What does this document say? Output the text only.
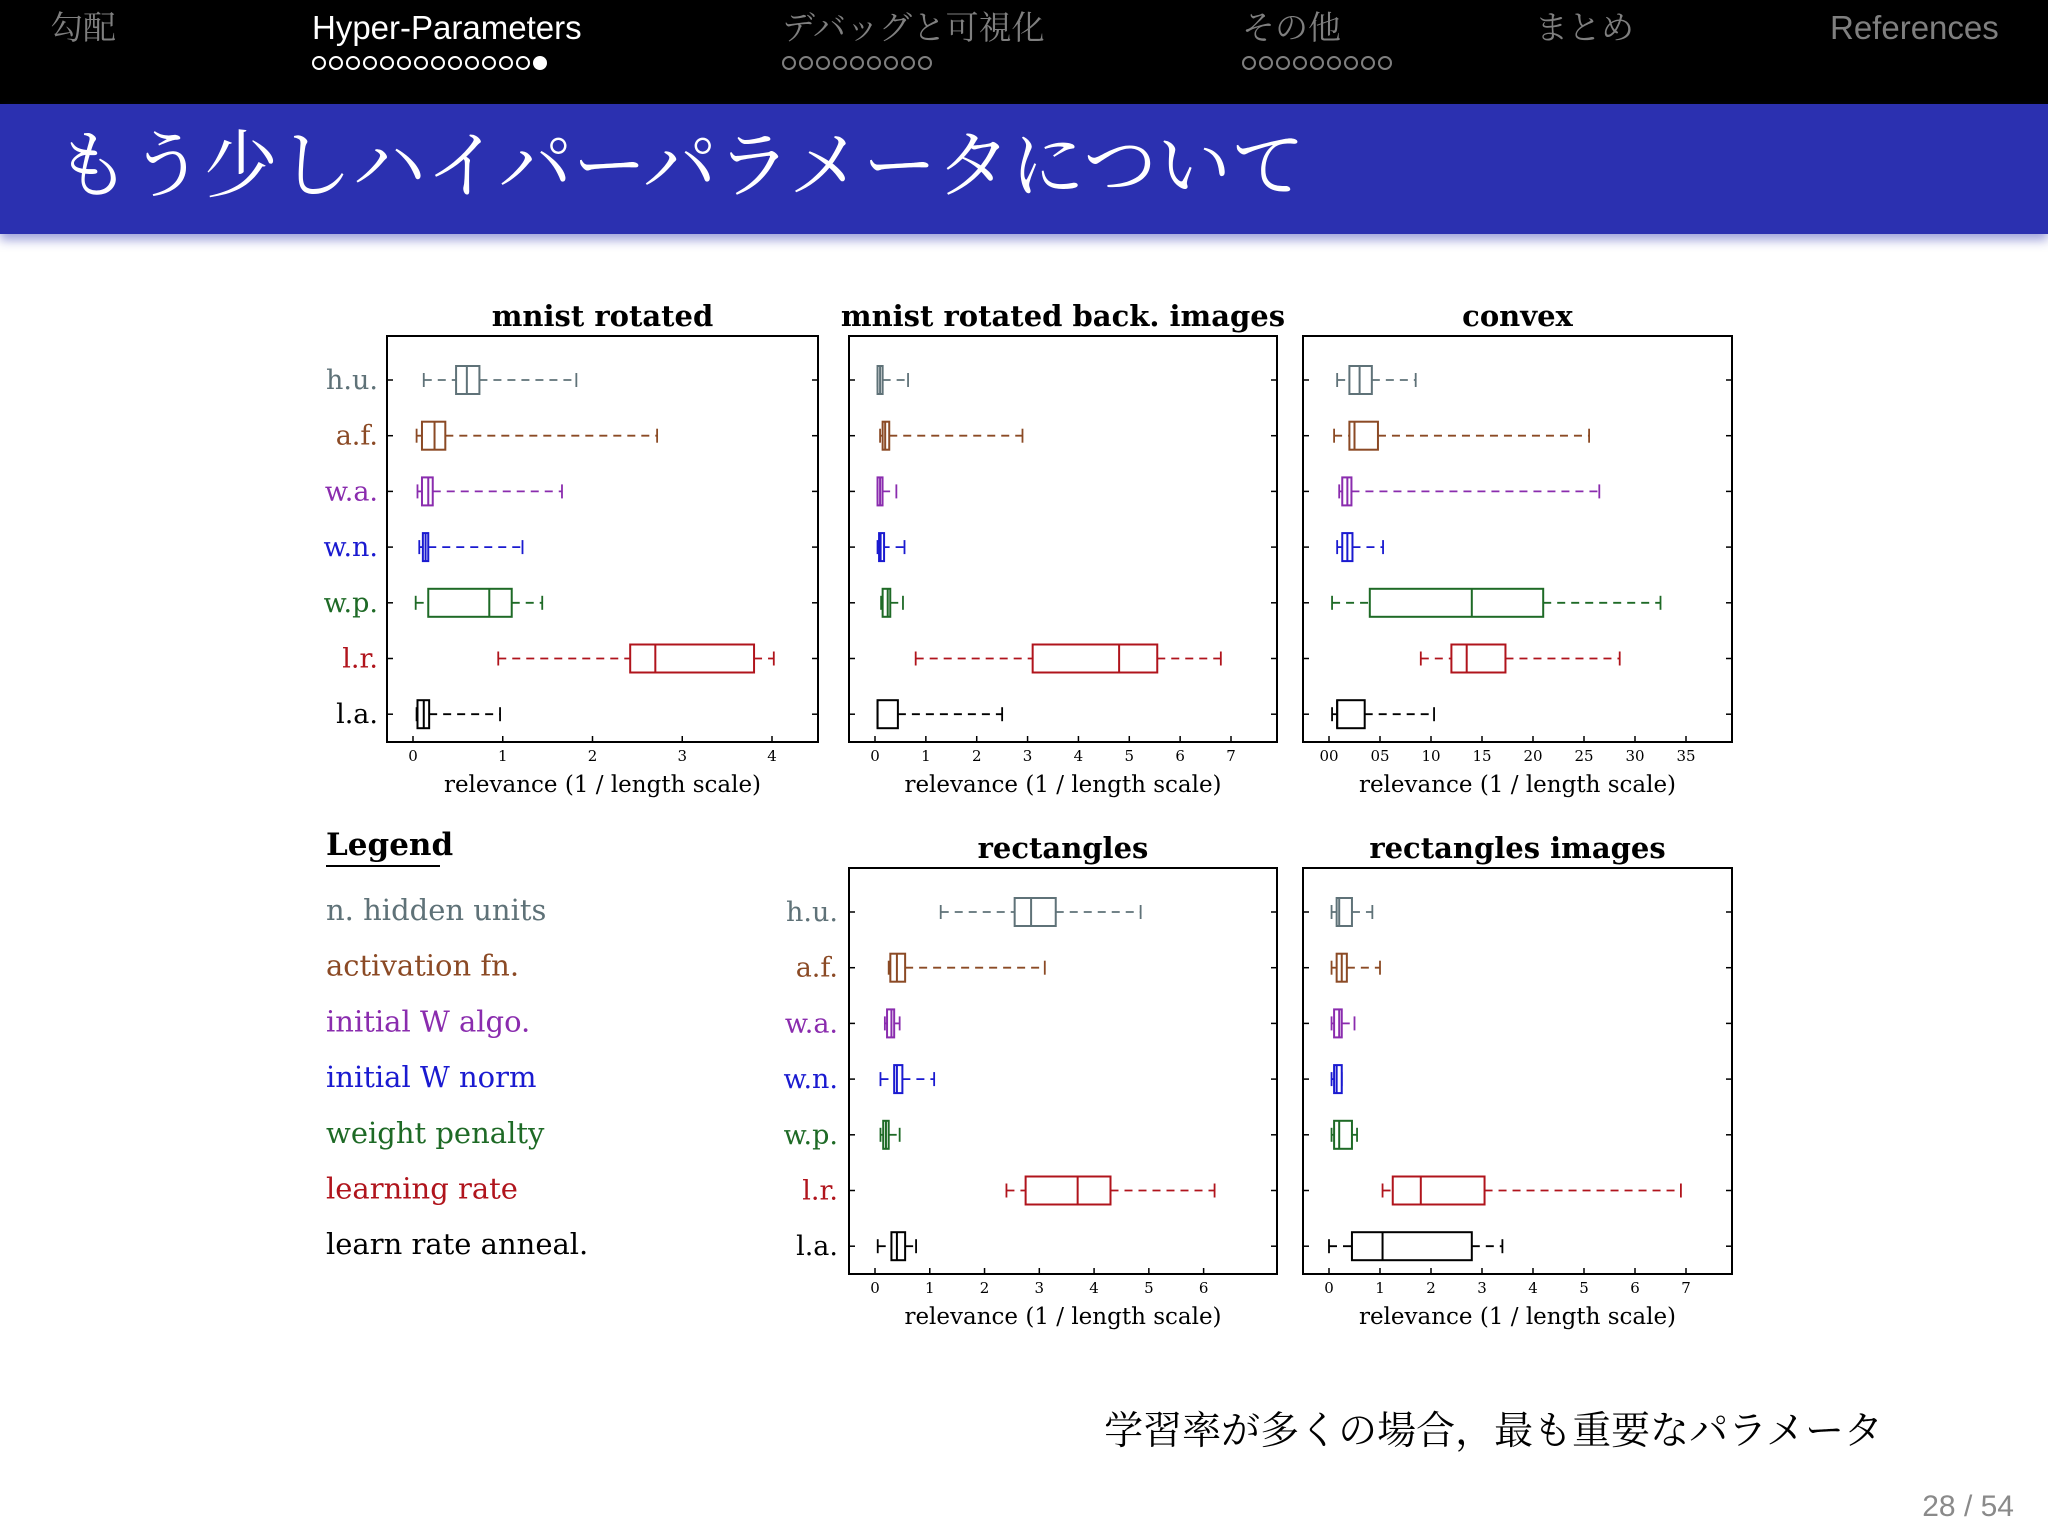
勾配	Hyper-Parameters	デバッグと可視化	その他	まとめ	References
もう少しハイパーパラメータについて
mnist rotated
relevance (1 / length scale)
0	1	2	3	4
h.u.
a.f.
w.a.
w.n.
w.p.
l.r.
l.a.
mnist rotated back. images
relevance (1 / length scale)
0	1	2	3	4	5	6	7
convex
relevance (1 / length scale)
00 05 10 15 20 25 30 35
rectangles
relevance (1 / length scale)
0	1	2	3	4	5	6
h.u.
a.f.
w.a.
w.n.
w.p.
l.r.
l.a.
rectangles images
relevance (1 / length scale)
0	1	2	3	4	5	6	7
Legend
n. hidden units
activation fn.
initial W algo.
initial W norm
weight penalty
learning rate
learn rate anneal.
学習率が多くの場合，最も重要なパラメータ
28 / 54
